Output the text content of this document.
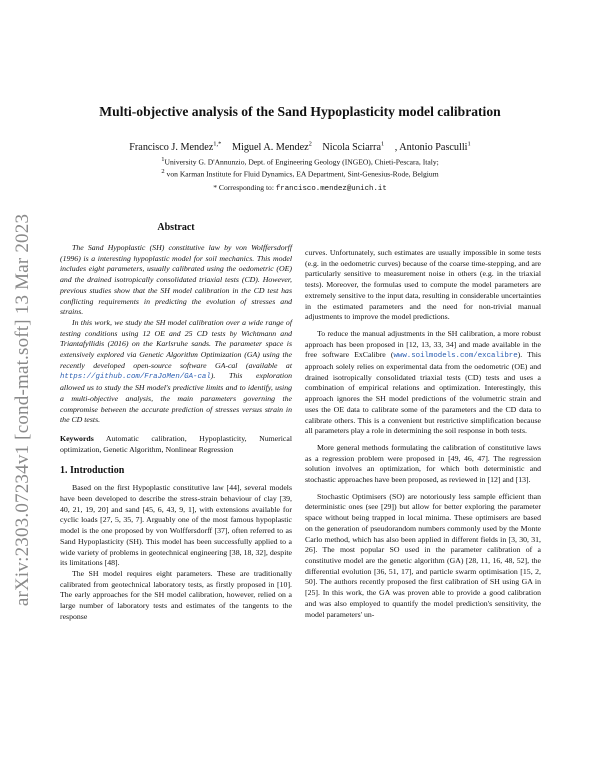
arXiv:2303.07234v1 [cond-mat.soft] 13 Mar 2023
Multi-objective analysis of the Sand Hypoplasticity model calibration
Francisco J. Mendez$^{1,*}$ Miguel A. Mendez$^2$ Nicola Sciarra$^1$ , Antonio Pasculli$^1$
$^1$University G. D'Annunzio, Dept. of Engineering Geology (INGEO), Chieti-Pescara, Italy;
$^2$ von Karman Institute for Fluid Dynamics, EA Department, Sint-Genesius-Rode, Belgium
* Corresponding to: francisco.mendez@unich.it
Abstract

The Sand Hypoplastic (SH) constitutive law by von Wolffersdorff (1996) is a interesting hypoplastic model for soil mechanics. This model includes eight parameters, usually calibrated using the oedometric (OE) and the drained isotropically consolidated triaxial tests (CD). However, previous studies show that the SH model calibration in the CD test has conflicting requirements in predicting the evolution of stresses and strains.

In this work, we study the SH model calibration over a wide range of testing conditions using 12 OE and 25 CD tests by Wichtmann and Triantafyllidis (2016) on the Karlsruhe sands. The parameter space is extensively explored via Genetic Algorithm Optimization (GA) using the recently developed open-source software GA-cal (available at https://github.com/FraJoMen/GA-cal). This exploration allowed us to study the SH model's predictive limits and to identify, using a multi-objective analysis, the main parameters governing the compromise between the accurate prediction of stresses versus strain in the CD tests.

Keywords Automatic calibration, Hypoplasticity, Numerical optimization, Genetic Algorithm, Nonlinear Regression

1. Introduction

Based on the first Hypoplastic constitutive law [44], several models have been developed to describe the stress-strain behaviour of clay [39, 40, 21, 19, 20] and sand [45, 6, 43, 9, 1], with extensions available for cyclic loads [27, 5, 35, 7]. Arguably one of the most famous hypoplastic model is the one proposed by von Wolffersdorff [37], often referred to as Sand Hypoplasticity (SH). This model has been successfully applied to a wide variety of problems in geotechnical engineering [38, 18, 32], despite its limitations [48].

The SH model requires eight parameters. These are traditionally calibrated from geotechnical laboratory tests, as firstly proposed in [10]. The early approaches for the SH model calibration, however, relied on a large number of laboratory tests and estimates of the tangents to the response

curves. Unfortunately, such estimates are usually impossible in some tests (e.g. in the oedometric curves) because of the coarse time-stepping, and are particularly sensitive to measurement noise in others (e.g. in the triaxial tests). Moreover, the formulas used to compute the model parameters are extremely sensitive to the input data, resulting in considerable uncertainties in the estimated parameters and the need for non-trivial manual adjustments to improve the model predictions.

To reduce the manual adjustments in the SH calibration, a more robust approach has been proposed in [12, 13, 33, 34] and made available in the free software ExCalibre (www.soilmodels.com/excalibre). This approach solely relies on experimental data from the oedometric (OE) and drained isotropically consolidated triaxial tests (CD) tests and uses a combination of empirical relations and optimization. Interestingly, this approach ignores the SH model predictions of the volumetric strain and uses the OE data to calibrate some of the parameters and the CD data to calibrate others. This is a convenient but restrictive simplification because all parameters play a role in determining the soil response in both tests.

More general methods formulating the calibration of constitutive laws as a regression problem were proposed in [49, 46, 47]. The regression solution involves an optimization, for which both deterministic and stochastic approaches have been proposed, as reviewed in [12] and [13].

Stochastic Optimisers (SO) are notoriously less sample efficient than deterministic ones (see [29]) but allow for better exploring the parameter space without being trapped in local minima. These optimisers are based on the generation of pseudorandom numbers commonly used by the Monte Carlo method, which has also been applied in different fields in [3, 30, 31, 26]. The most popular SO used in the parameter calibration of a constitutive model are the genetic algorithm (GA) [28, 11, 16, 48, 52], the differential evolution [36, 51, 17], and particle swarm optimisation [15, 2, 50]. The authors recently proposed the first calibration of SH using GA in [25]. In this work, the GA was proven able to provide a good calibration and was also employed to quantify the model prediction's sensitivity, the model parameters' un-
